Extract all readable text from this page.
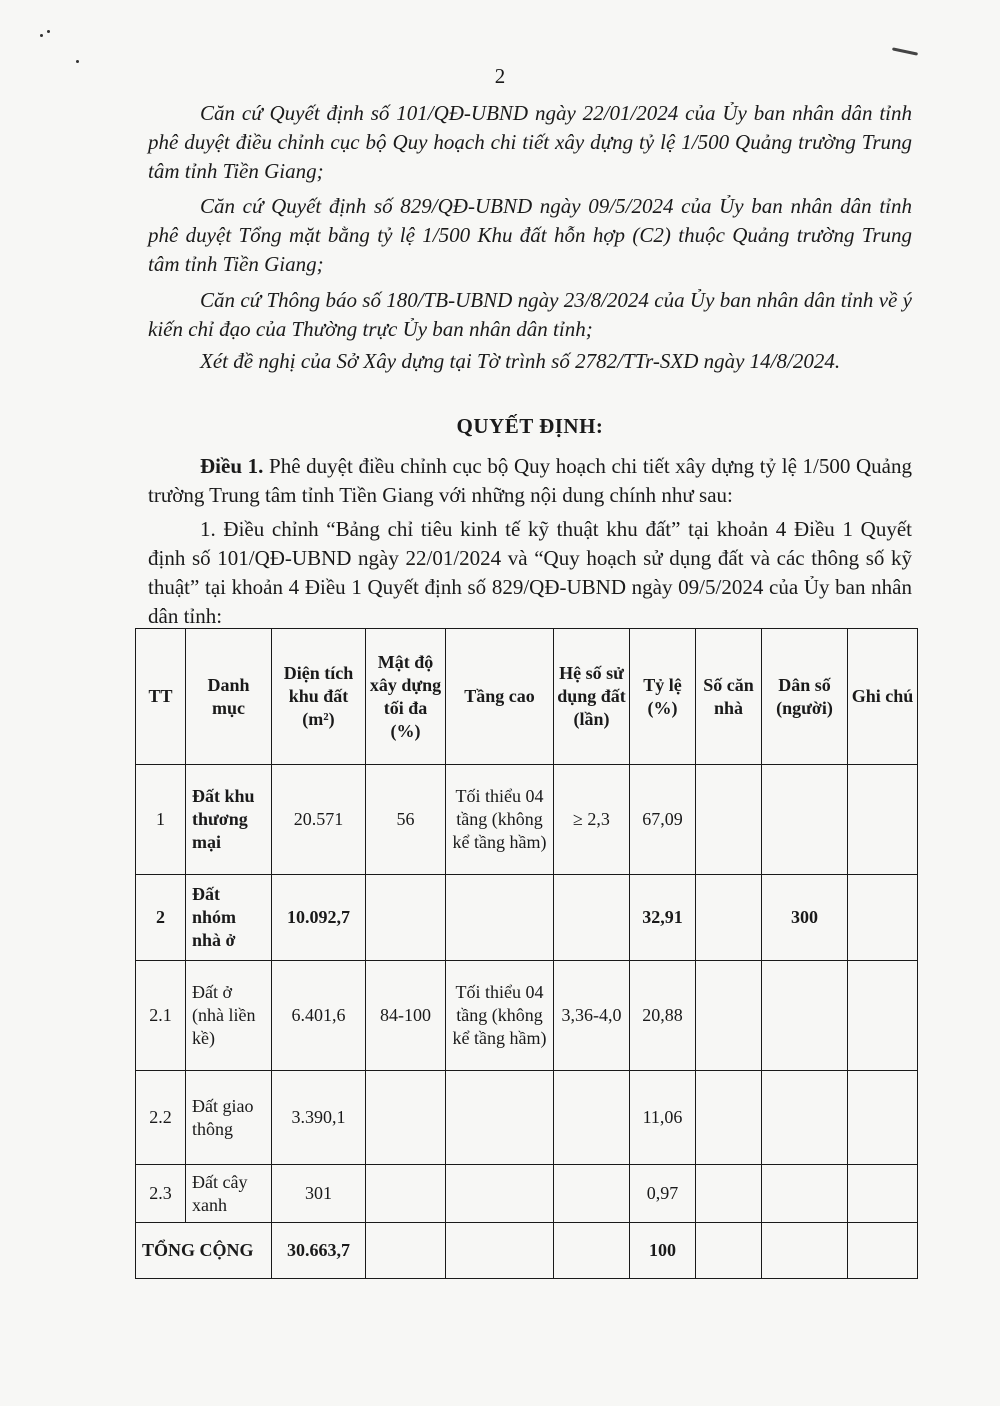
2

Căn cứ Quyết định số 101/QĐ-UBND ngày 22/01/2024 của Ủy ban nhân dân tỉnh phê duyệt điều chỉnh cục bộ Quy hoạch chi tiết xây dựng tỷ lệ 1/500 Quảng trường Trung tâm tỉnh Tiền Giang;

Căn cứ Quyết định số 829/QĐ-UBND ngày 09/5/2024 của Ủy ban nhân dân tỉnh phê duyệt Tổng mặt bằng tỷ lệ 1/500 Khu đất hỗn hợp (C2) thuộc Quảng trường Trung tâm tỉnh Tiền Giang;

Căn cứ Thông báo số 180/TB-UBND ngày 23/8/2024 của Ủy ban nhân dân tỉnh về ý kiến chỉ đạo của Thường trực Ủy ban nhân dân tỉnh;

Xét đề nghị của Sở Xây dựng tại Tờ trình số 2782/TTr-SXD ngày 14/8/2024.

QUYẾT ĐỊNH:

Điều 1. Phê duyệt điều chỉnh cục bộ Quy hoạch chi tiết xây dựng tỷ lệ 1/500 Quảng trường Trung tâm tỉnh Tiền Giang với những nội dung chính như sau:

1. Điều chỉnh “Bảng chỉ tiêu kinh tế kỹ thuật khu đất” tại khoản 4 Điều 1 Quyết định số 101/QĐ-UBND ngày 22/01/2024 và “Quy hoạch sử dụng đất và các thông số kỹ thuật” tại khoản 4 Điều 1 Quyết định số 829/QĐ-UBND ngày 09/5/2024 của Ủy ban nhân dân tỉnh:

TT	Danh mục	Diện tích khu đất (m²)	Mật độ xây dựng tối đa (%)	Tầng cao	Hệ số sử dụng đất (lần)	Tỷ lệ (%)	Số căn nhà	Dân số (người)	Ghi chú
1	Đất khu thương mại	20.571	56	Tối thiểu 04 tầng (không kể tầng hầm)	≥ 2,3	67,09			
2	Đất nhóm nhà ở	10.092,7				32,91		300	
2.1	Đất ở (nhà liền kề)	6.401,6	84-100	Tối thiểu 04 tầng (không kể tầng hầm)	3,36-4,0	20,88			
2.2	Đất giao thông	3.390,1				11,06			
2.3	Đất cây xanh	301				0,97			
TỔNG CỘNG		30.663,7				100			
